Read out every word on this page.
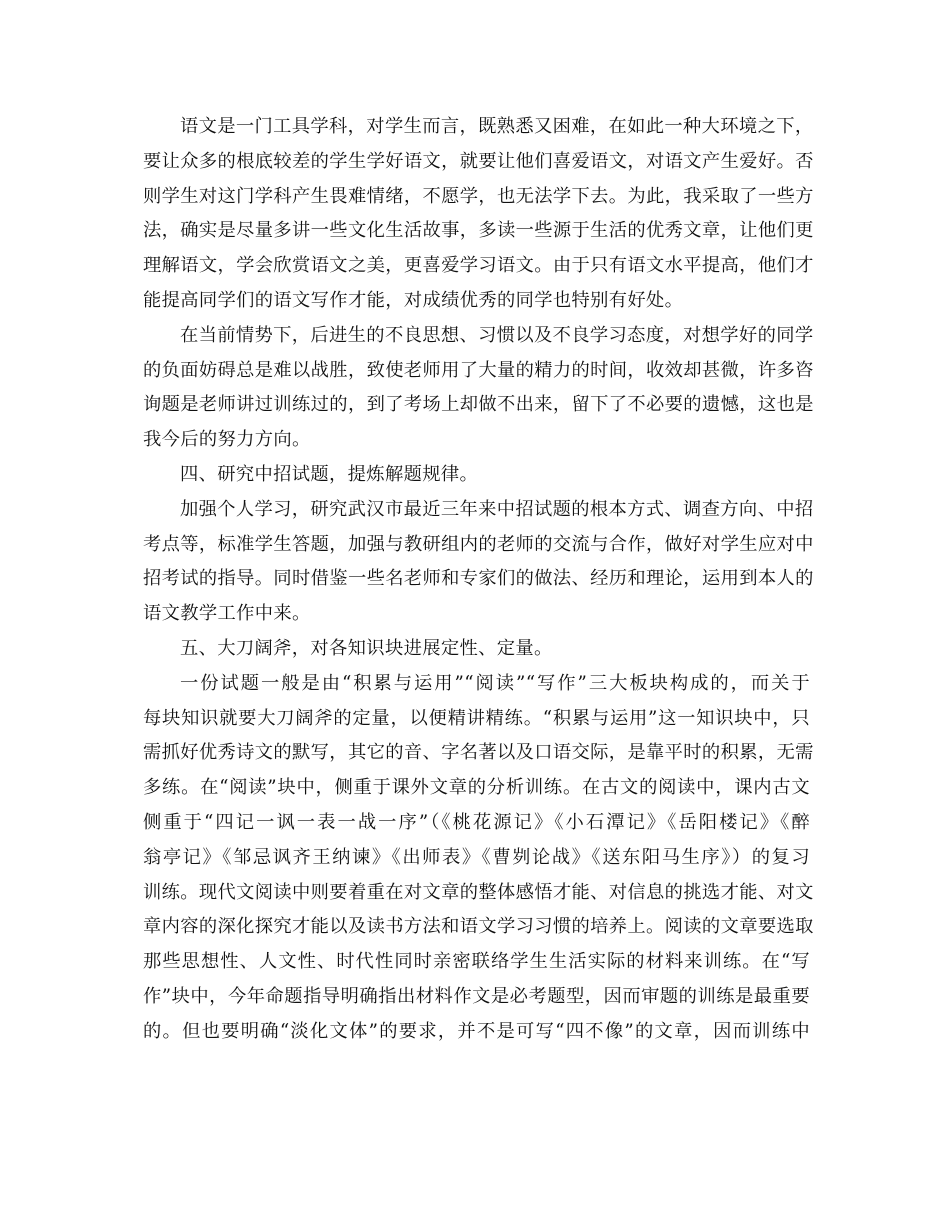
语文是一门工具学科，对学生而言，既熟悉又困难，在如此一种大环境之下，
要让众多的根底较差的学生学好语文，就要让他们喜爱语文，对语文产生爱好。否
则学生对这门学科产生畏难情绪，不愿学，也无法学下去。为此，我采取了一些方
法，确实是尽量多讲一些文化生活故事，多读一些源于生活的优秀文章，让他们更
理解语文，学会欣赏语文之美，更喜爱学习语文。由于只有语文水平提高，他们才
能提高同学们的语文写作才能，对成绩优秀的同学也特别有好处。
在当前情势下，后进生的不良思想、习惯以及不良学习态度，对想学好的同学
的负面妨碍总是难以战胜，致使老师用了大量的精力的时间，收效却甚微，许多咨
询题是老师讲过训练过的，到了考场上却做不出来，留下了不必要的遗憾，这也是
我今后的努力方向。
四、研究中招试题，提炼解题规律。
加强个人学习，研究武汉市最近三年来中招试题的根本方式、调查方向、中招
考点等，标准学生答题，加强与教研组内的老师的交流与合作，做好对学生应对中
招考试的指导。同时借鉴一些名老师和专家们的做法、经历和理论，运用到本人的
语文教学工作中来。
五、大刀阔斧，对各知识块进展定性、定量。
一份试题一般是由“积累与运用”“阅读”“写作”三大板块构成的，而关于
每块知识就要大刀阔斧的定量，以便精讲精练。“积累与运用”这一知识块中，只
需抓好优秀诗文的默写，其它的音、字名著以及口语交际，是靠平时的积累，无需
多练。在“阅读”块中，侧重于课外文章的分析训练。在古文的阅读中，课内古文
侧重于“四记一讽一表一战一序”（《桃花源记》《小石潭记》《岳阳楼记》《醉
翁亭记》《邹忌讽齐王纳谏》《出师表》《曹刿论战》《送东阳马生序》）的复习
训练。现代文阅读中则要着重在对文章的整体感悟才能、对信息的挑选才能、对文
章内容的深化探究才能以及读书方法和语文学习习惯的培养上。阅读的文章要选取
那些思想性、人文性、时代性同时亲密联络学生生活实际的材料来训练。在“写
作”块中，今年命题指导明确指出材料作文是必考题型，因而审题的训练是最重要
的。但也要明确“淡化文体”的要求，并不是可写“四不像”的文章，因而训练中
